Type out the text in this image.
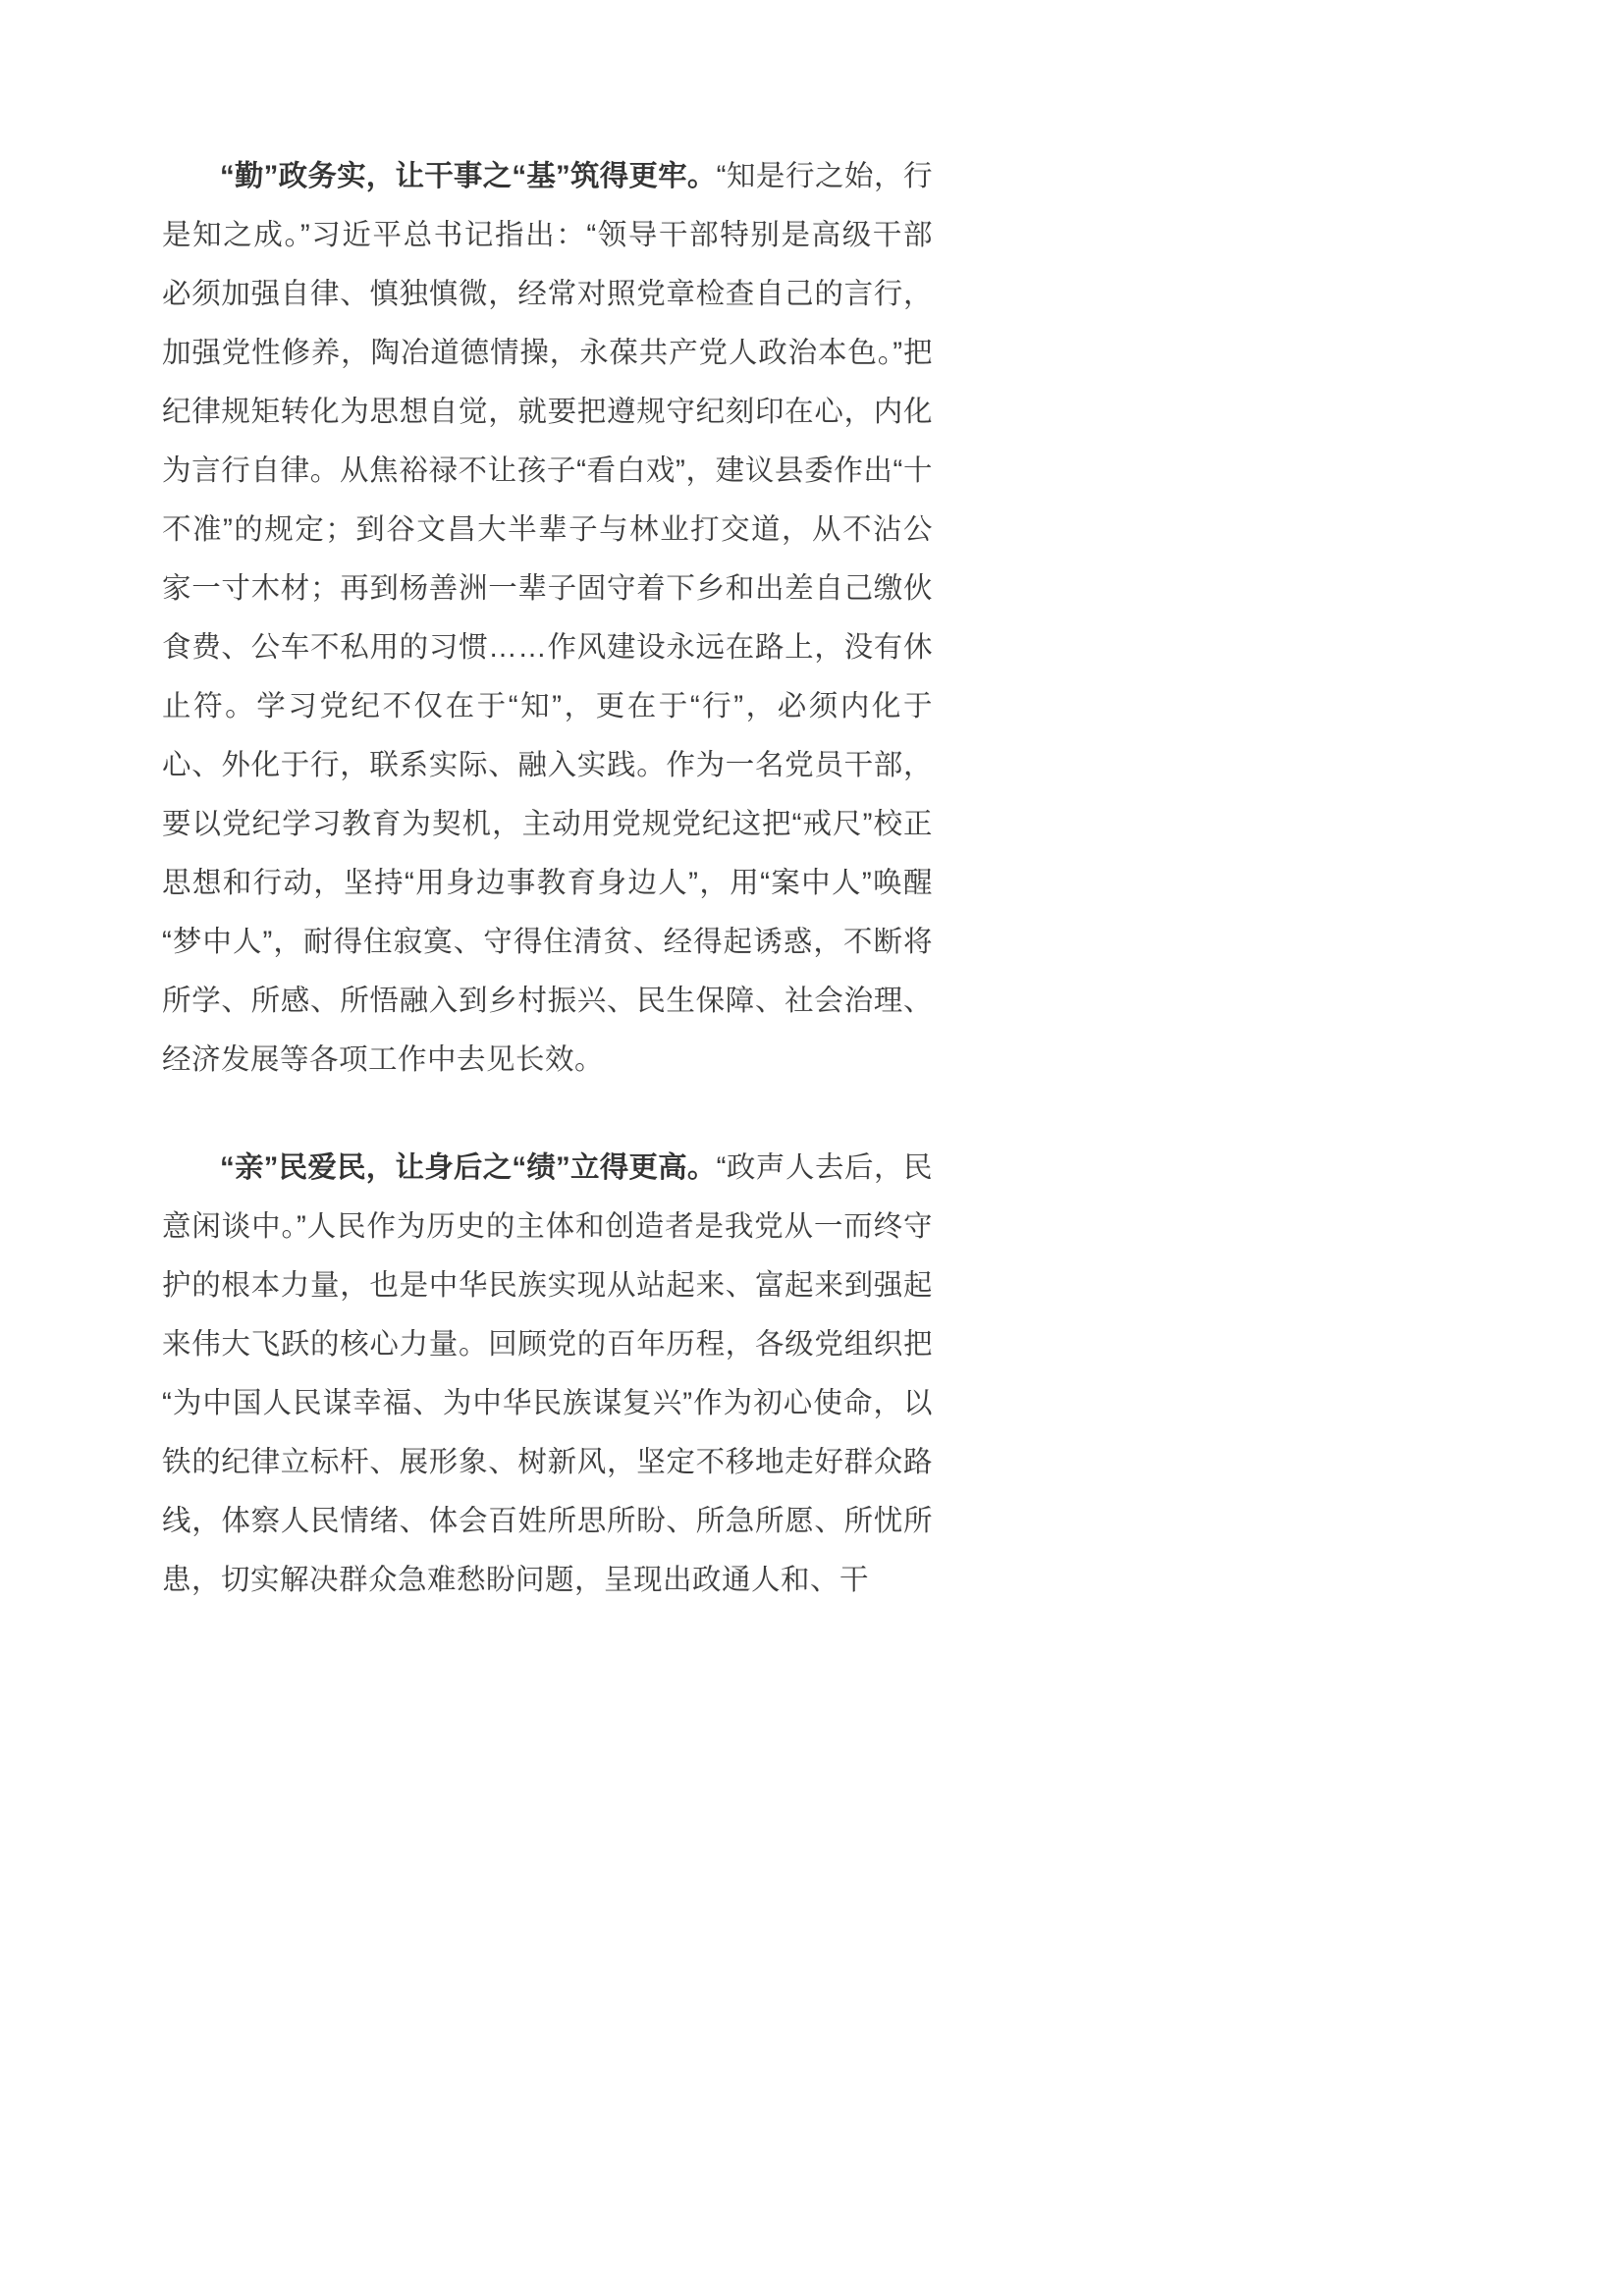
“勤”政务实，让干事之“基”筑得更牢。“知是行之始，行是知之成。”习近平总书记指出：“领导干部特别是高级干部必须加强自律、慎独慎微，经常对照党章检查自己的言行，加强党性修养，陶冶道德情操，永葆共产党人政治本色。”把纪律规矩转化为思想自觉，就要把遵规守纪刻印在心，内化为言行自律。从焦裕禄不让孩子“看白戏”，建议县委作出“十不准”的规定；到谷文昌大半辈子与林业打交道，从不沾公家一寸木材；再到杨善洲一辈子固守着下乡和出差自己缴伙食费、公车不私用的习惯……作风建设永远在路上，没有休止符。学习党纪不仅在于“知”，更在于“行”，必须内化于心、外化于行，联系实际、融入实践。作为一名党员干部，要以党纪学习教育为契机，主动用党规党纪这把“戒尺”校正思想和行动，坚持“用身边事教育身边人”，用“案中人”唤醒“梦中人”，耐得住寂寞、守得住清贫、经得起诱惑，不断将所学、所感、所悟融入到乡村振兴、民生保障、社会治理、经济发展等各项工作中去见长效。

“亲”民爱民，让身后之“绩”立得更高。“政声人去后，民意闲谈中。”人民作为历史的主体和创造者是我党从一而终守护的根本力量，也是中华民族实现从站起来、富起来到强起来伟大飞跃的核心力量。回顾党的百年历程，各级党组织把“为中国人民谋幸福、为中华民族谋复兴”作为初心使命，以铁的纪律立标杆、展形象、树新风，坚定不移地走好群众路线，体察人民情绪、体会百姓所思所盼、所急所愿、所忧所患，切实解决群众急难愁盼问题，呈现出政通人和、干
